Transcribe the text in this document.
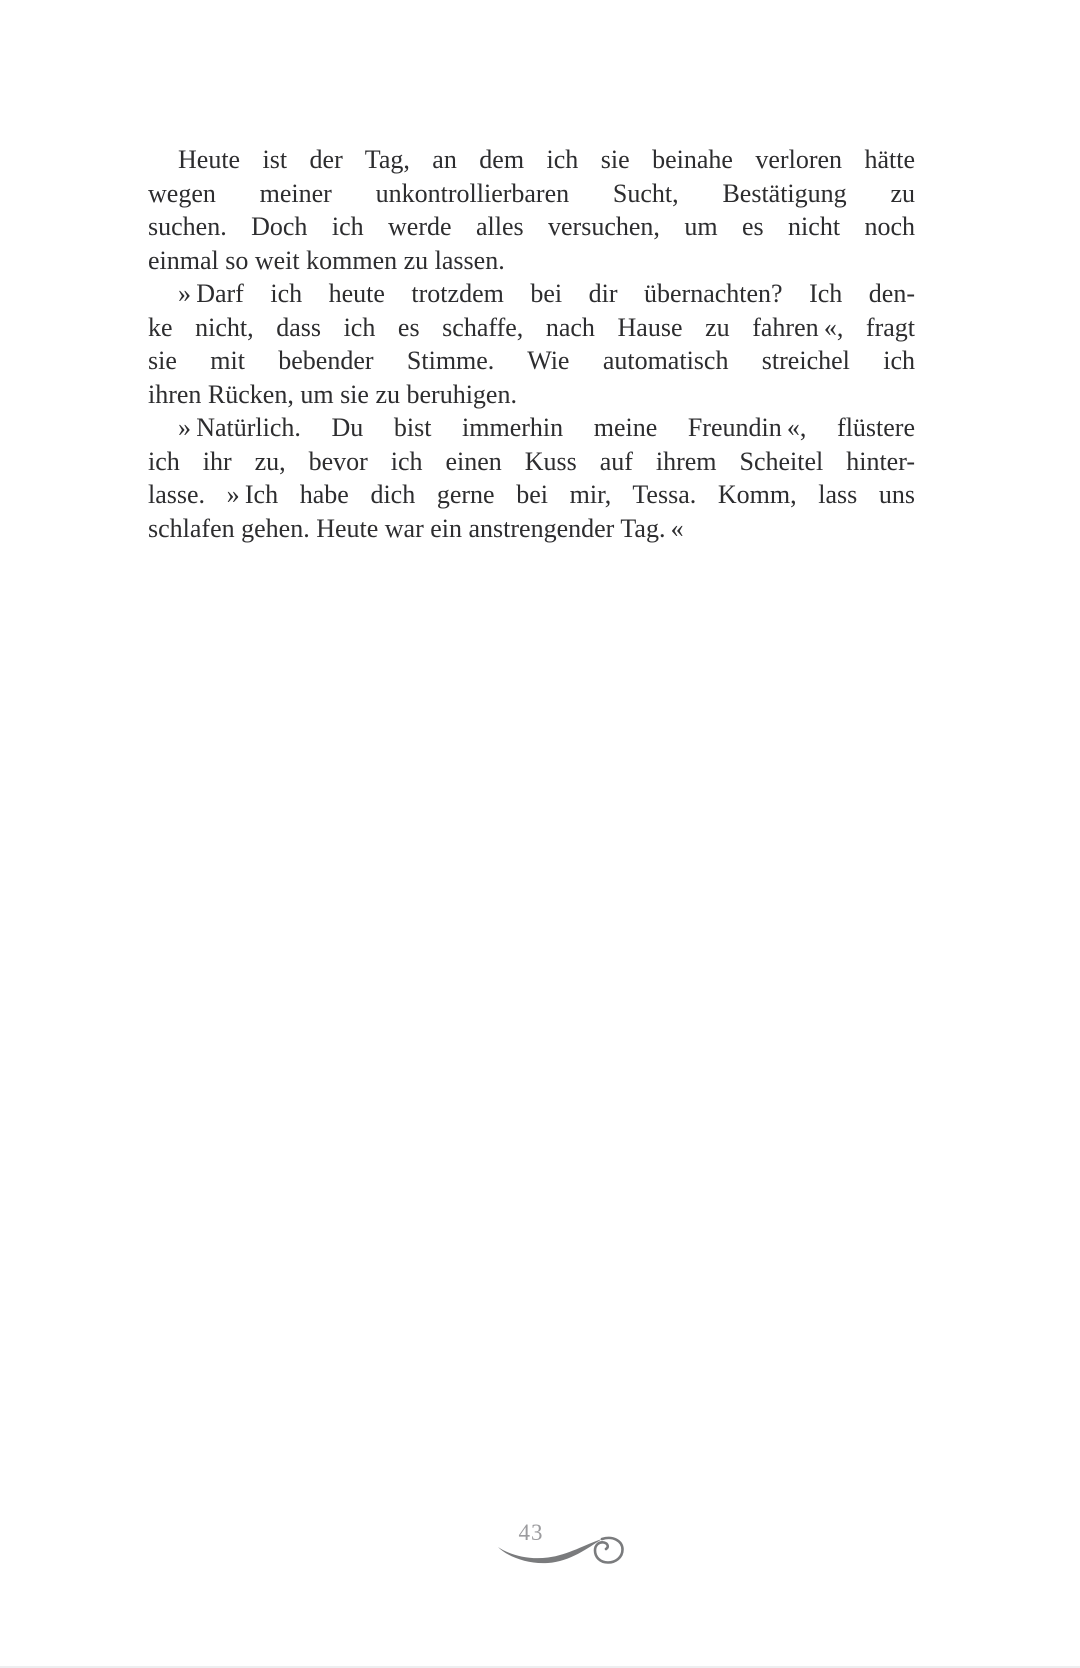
Heute ist der Tag, an dem ich sie beinahe verloren hätte
wegen meiner unkontrollierbaren Sucht, Bestätigung zu
suchen. Doch ich werde alles versuchen, um es nicht noch
einmal so weit kommen zu lassen.

» Darf ich heute trotzdem bei dir übernachten? Ich den-
ke nicht, dass ich es schaffe, nach Hause zu fahren «, fragt
sie mit bebender Stimme. Wie automatisch streichel ich
ihren Rücken, um sie zu beruhigen.

» Natürlich. Du bist immerhin meine Freundin «, flüstere
ich ihr zu, bevor ich einen Kuss auf ihrem Scheitel hinter-
lasse. » Ich habe dich gerne bei mir, Tessa. Komm, lass uns
schlafen gehen. Heute war ein anstrengender Tag. «

43
